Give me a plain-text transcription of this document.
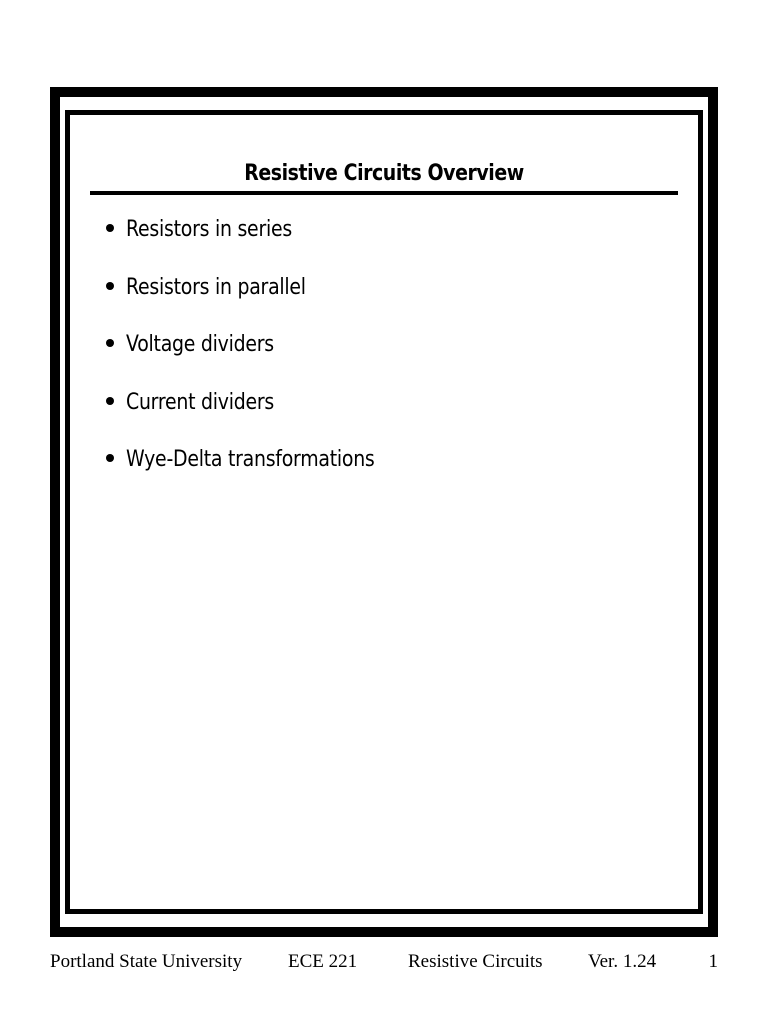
Resistive Circuits Overview
Resistors in series
Resistors in parallel
Voltage dividers
Current dividers
Wye-Delta transformations
Portland State University ECE 221	Resistive Circuits Ver. 1.24	1
